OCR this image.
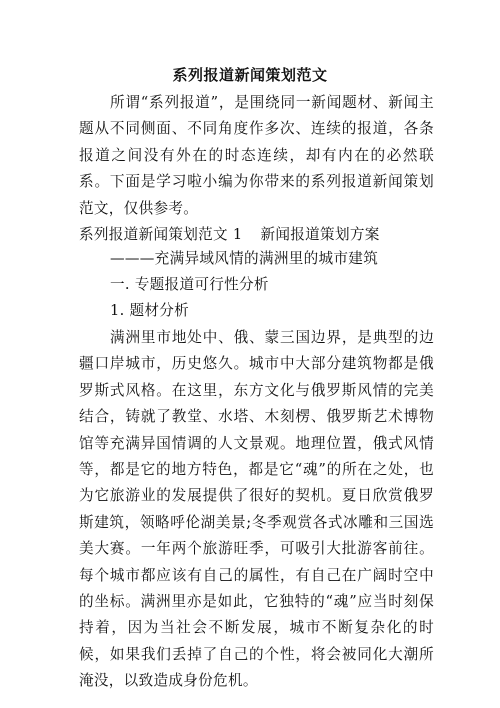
系列报道新闻策划范文
所谓“系列报道”，是围绕同一新闻题材、新闻主题从不同侧面、不同角度作多次、连续的报道，各条报道之间没有外在的时态连续，却有内在的必然联系。下面是学习啦小编为你带来的系列报道新闻策划范文，仅供参考。
系列报道新闻策划范文 1 新闻报道策划方案
———充满异域风情的满洲里的城市建筑
一. 专题报道可行性分析
1. 题材分析
满洲里市地处中、俄、蒙三国边界，是典型的边疆口岸城市，历史悠久。城市中大部分建筑物都是俄罗斯式风格。在这里，东方文化与俄罗斯风情的完美结合，铸就了教堂、水塔、木刻楞、俄罗斯艺术博物馆等充满异国情调的人文景观。地理位置，俄式风情等，都是它的地方特色，都是它“魂”的所在之处，也为它旅游业的发展提供了很好的契机。夏日欣赏俄罗斯建筑，领略呼伦湖美景;冬季观赏各式冰雕和三国选美大赛。一年两个旅游旺季，可吸引大批游客前往。每个城市都应该有自己的属性，有自己在广阔时空中的坐标。满洲里亦是如此，它独特的“魂”应当时刻保持着，因为当社会不断发展，城市不断复杂化的时候，如果我们丢掉了自己的个性，将会被同化大潮所淹没，以致造成身份危机。
